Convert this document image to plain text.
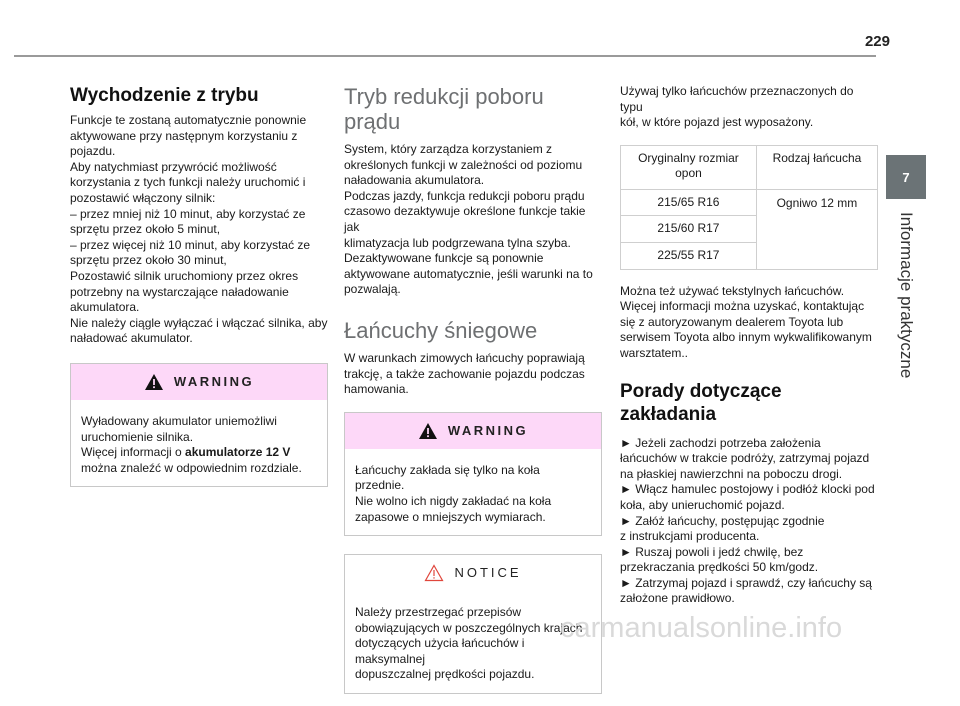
229
7
Informacje praktyczne
Wychodzenie z trybu
Funkcje te zostaną automatycznie ponownie
aktywowane przy następnym korzystaniu z
pojazdu.
Aby natychmiast przywrócić możliwość
korzystania z tych funkcji należy uruchomić i
pozostawić włączony silnik:
– przez mniej niż 10 minut, aby korzystać ze
sprzętu przez około 5 minut,
– przez więcej niż 10 minut, aby korzystać ze
sprzętu przez około 30 minut,
Pozostawić silnik uruchomiony przez okres
potrzebny na wystarczające naładowanie
akumulatora.
Nie należy ciągle wyłączać i włączać silnika, aby
naładować akumulator.
WARNING
Wyładowany akumulator uniemożliwi
uruchomienie silnika.
Więcej informacji o akumulatorze 12 V
można znaleźć w odpowiednim rozdziale.
Tryb redukcji poboru
prądu
System, który zarządza korzystaniem z
określonych funkcji w zależności od poziomu
naładowania akumulatora.
Podczas jazdy, funkcja redukcji poboru prądu
czasowo dezaktywuje określone funkcje takie jak
klimatyzacja lub podgrzewana tylna szyba.
Dezaktywowane funkcje są ponownie
aktywowane automatycznie, jeśli warunki na to
pozwalają.
Łańcuchy śniegowe
W warunkach zimowych łańcuchy poprawiają
trakcję, a także zachowanie pojazdu podczas
hamowania.
WARNING
Łańcuchy zakłada się tylko na koła przednie.
Nie wolno ich nigdy zakładać na koła
zapasowe o mniejszych wymiarach.
NOTICE
Należy przestrzegać przepisów
obowiązujących w poszczególnych krajach
dotyczących użycia łańcuchów i maksymalnej
dopuszczalnej prędkości pojazdu.
Używaj tylko łańcuchów przeznaczonych do typu
kół, w które pojazd jest wyposażony.
Oryginalny rozmiar
opon	Rodzaj łańcucha
215/65 R16	Ogniwo 12 mm
215/60 R17	
225/55 R17	
Można też używać tekstylnych łańcuchów.
Więcej informacji można uzyskać, kontaktując
się z autoryzowanym dealerem Toyota lub
serwisem Toyota albo innym wykwalifikowanym
warsztatem..
Porady dotyczące
zakładania
► Jeżeli zachodzi potrzeba założenia
łańcuchów w trakcie podróży, zatrzymaj pojazd
na płaskiej nawierzchni na poboczu drogi.
► Włącz hamulec postojowy i podłóż klocki pod
koła, aby unieruchomić pojazd.
► Załóż łańcuchy, postępując zgodnie
z instrukcjami producenta.
► Ruszaj powoli i jedź chwilę, bez
przekraczania prędkości 50 km/godz.
► Zatrzymaj pojazd i sprawdź, czy łańcuchy są
założone prawidłowo.
carmanualsonline.info
